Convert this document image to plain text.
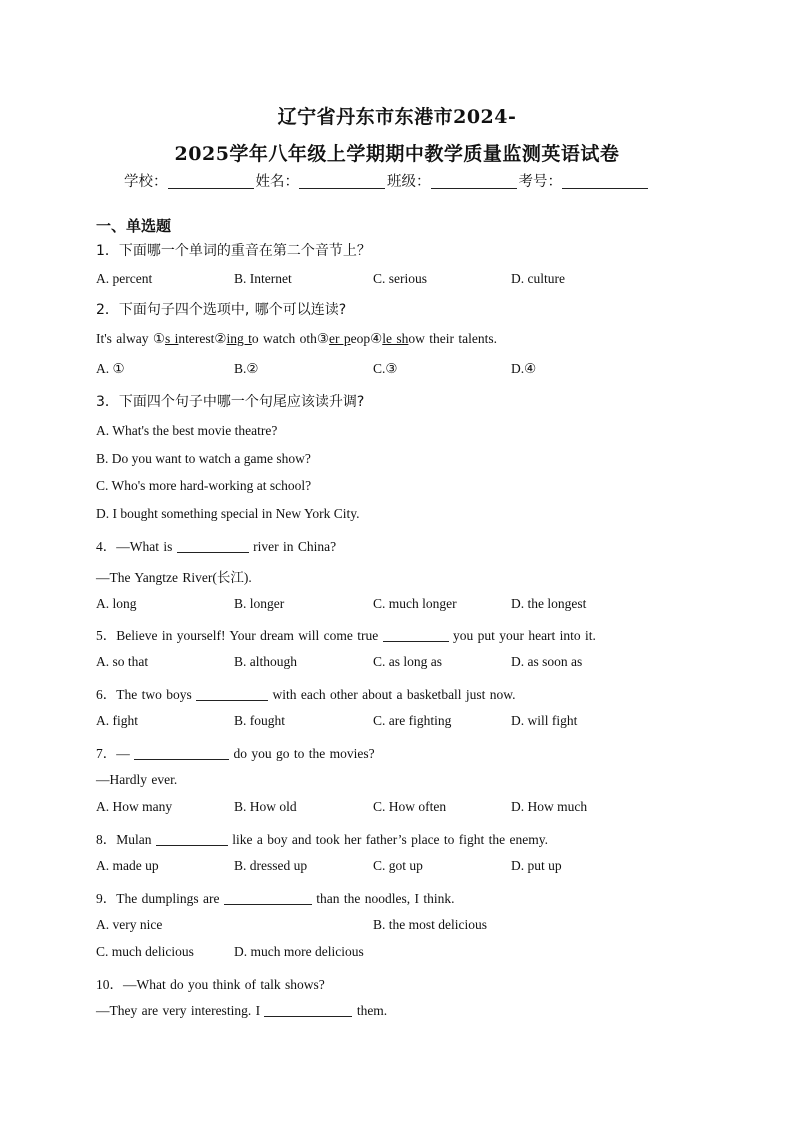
辽宁省丹东市东港市2024-
2025学年八年级上学期期中教学质量监测英语试卷
学校：	姓名：	班级：	考号：
一、单选题
1．下面哪一个单词的重音在第二个音节上？
A. percent	B. Internet	C. serious	D. culture
2．下面句子四个选项中, 哪个可以连读?
It's alway ①s interest②ing to watch oth③er peop④le show their talents.
A. ①	B.②	C.③	D.④
3．下面四个句子中哪一个句尾应该读升调?
A. What's the best movie theatre?
B. Do you want to watch a game show?
C. Who's more hard-working at school?
D. I bought something special in New York City.
4．—What is	river in China?
—The Yangtze River(长江).
A. long	B. longer	C. much longer	D. the longest
5．Believe in yourself! Your dream will come true	you put your heart into it.
A. so that	B. although	C. as long as	D. as soon as
6．The two boys	with each other about a basketball just now.
A. fight	B. fought	C. are fighting	D. will fight
7．—	do you go to the movies?
—Hardly ever.
A. How many	B. How old	C. How often	D. How much
8．Mulan	like a boy and took her father’s place to fight the enemy.
A. made up	B. dressed up	C. got up	D. put up
9．The dumplings are	than the noodles, I think.
A. very nice	B. the most delicious
C. much delicious	D. much more delicious
10．—What do you think of talk shows?
—They are very interesting. I	them.
